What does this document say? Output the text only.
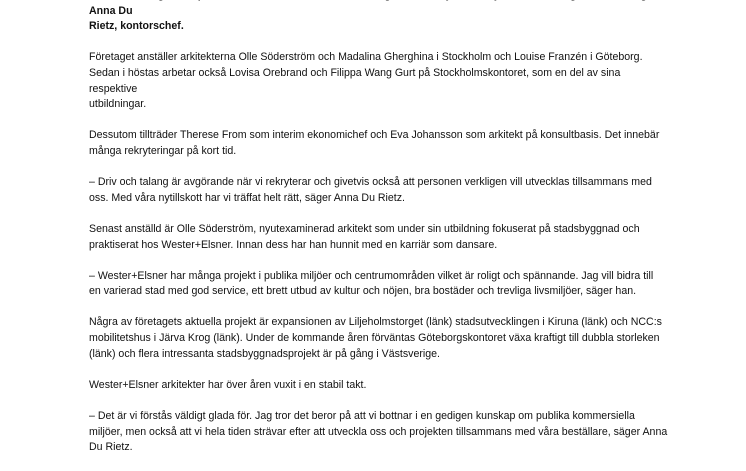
Anna Du
Rietz, kontorschef.

Företaget anställer arkitekterna Olle Söderström och Madalina Gherghina i Stockholm och Louise Franzén i Göteborg.
Sedan i höstas arbetar också Lovisa Orebrand och Filippa Wang Gurt på Stockholmskontoret, som en del av sina respektive
utbildningar.

Dessutom tillträder Therese From som interim ekonomichef och Eva Johansson som arkitekt på konsultbasis. Det innebär
många rekryteringar på kort tid.

– Driv och talang är avgörande när vi rekryterar och givetvis också att personen verkligen vill utvecklas tillsammans med
oss. Med våra nytillskott har vi träffat helt rätt, säger Anna Du Rietz.

Senast anställd är Olle Söderström, nyutexaminerad arkitekt som under sin utbildning fokuserat på stadsbyggnad och
praktiserat hos Wester+Elsner. Innan dess har han hunnit med en karriär som dansare.

– Wester+Elsner har många projekt i publika miljöer och centrumområden vilket är roligt och spännande. Jag vill bidra till
en varierad stad med god service, ett brett utbud av kultur och nöjen, bra bostäder och trevliga livsmiljöer, säger han.

Några av företagets aktuella projekt är expansionen av Liljeholmstorget (länk) stadsutvecklingen i Kiruna (länk) och NCC:s
mobilitetshus i Järva Krog (länk). Under de kommande åren förväntas Göteborgskontoret växa kraftigt till dubbla storleken
(länk) och flera intressanta stadsbyggnadsprojekt är på gång i Västsverige.

Wester+Elsner arkitekter har över åren vuxit i en stabil takt.

– Det är vi förstås väldigt glada för. Jag tror det beror på att vi bottnar i en gedigen kunskap om publika kommersiella
miljöer, men också att vi hela tiden strävar efter att utveckla oss och projekten tillsammans med våra beställare, säger Anna
Du Rietz.
